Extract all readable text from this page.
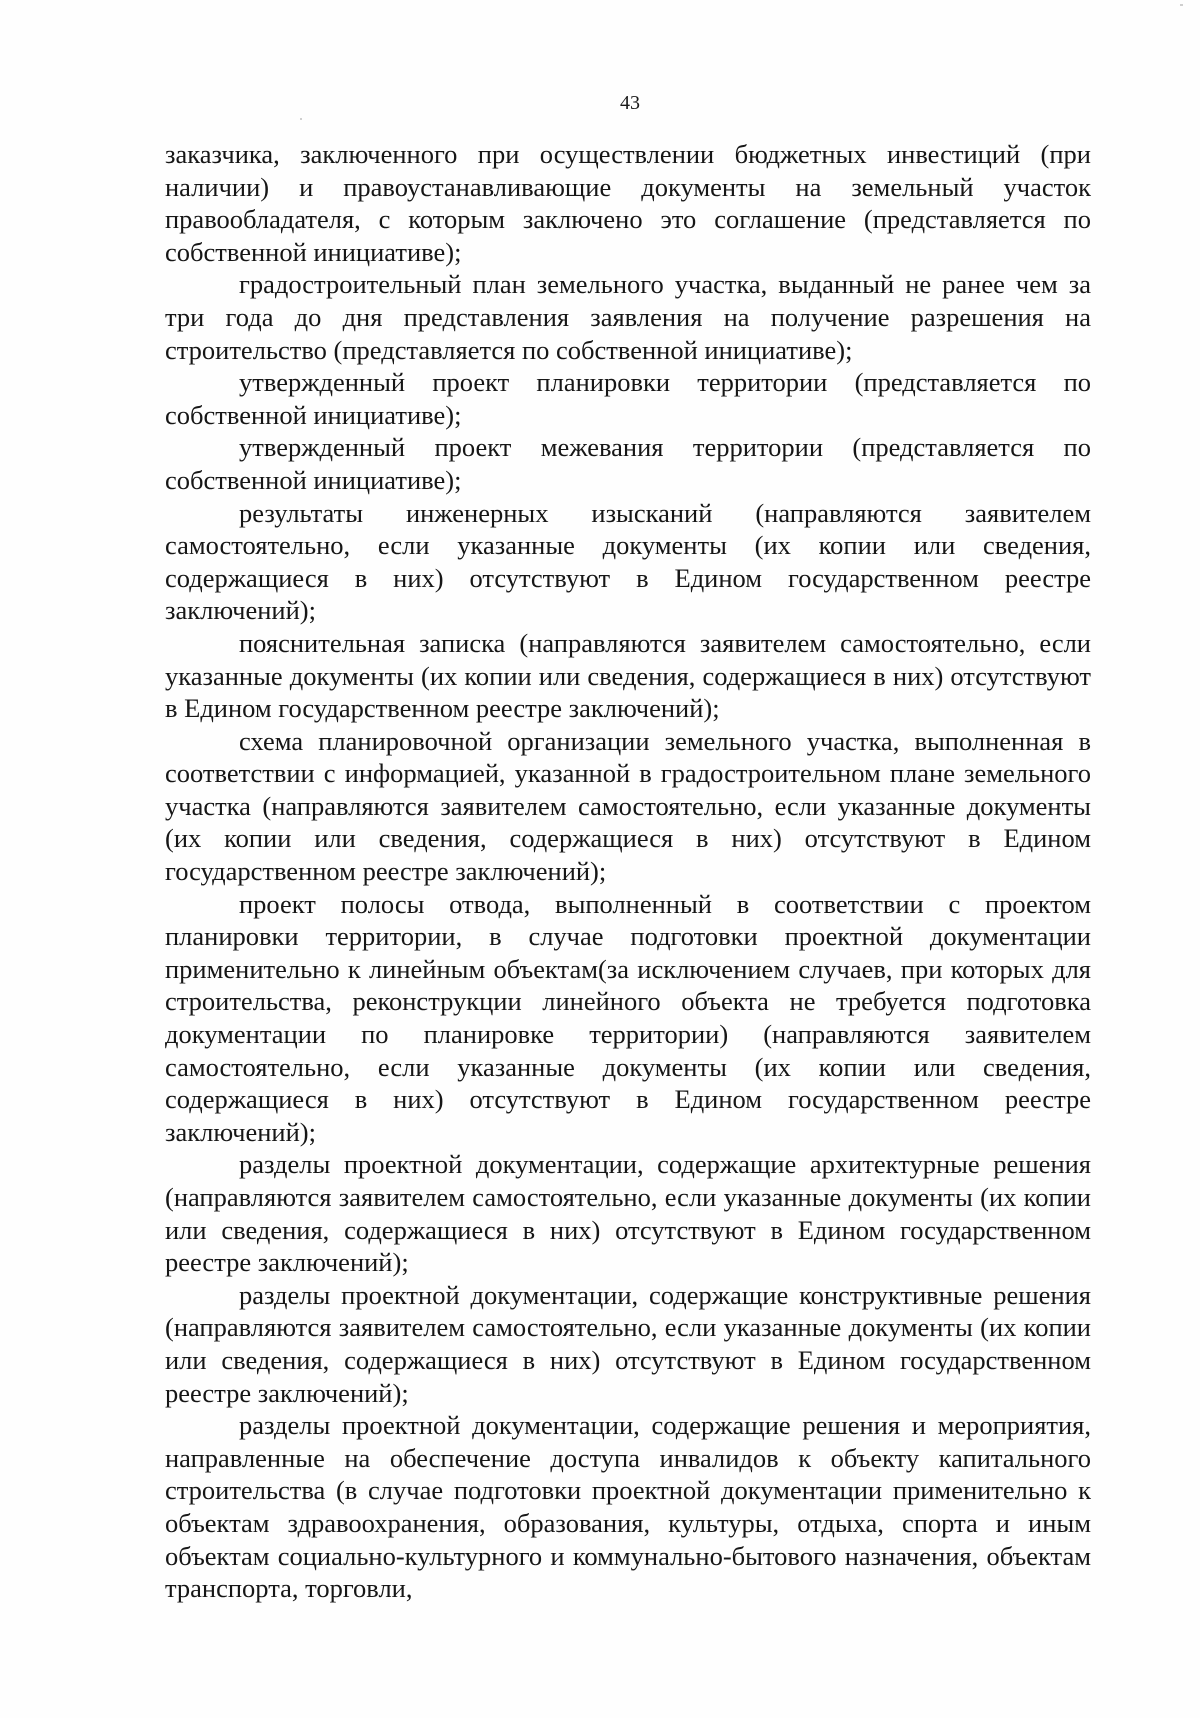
43

заказчика, заключенного при осуществлении бюджетных инвестиций (при наличии) и правоустанавливающие документы на земельный участок правообладателя, с которым заключено это соглашение (представляется по собственной инициативе);

градостроительный план земельного участка, выданный не ранее чем за три года до дня представления заявления на получение разрешения на строительство (представляется по собственной инициативе);

утвержденный проект планировки территории (представляется по собственной инициативе);

утвержденный проект межевания территории (представляется по собственной инициативе);

результаты инженерных изысканий (направляются заявителем самостоятельно, если указанные документы (их копии или сведения, содержащиеся в них) отсутствуют в Едином государственном реестре заключений);

пояснительная записка (направляются заявителем самостоятельно, если указанные документы (их копии или сведения, содержащиеся в них) отсутствуют в Едином государственном реестре заключений);

схема планировочной организации земельного участка, выполненная в соответствии с информацией, указанной в градостроительном плане земельного участка (направляются заявителем самостоятельно, если указанные документы (их копии или сведения, содержащиеся в них) отсутствуют в Едином государственном реестре заключений);

проект полосы отвода, выполненный в соответствии с проектом планировки территории, в случае подготовки проектной документации применительно к линейным объектам(за исключением случаев, при которых для строительства, реконструкции линейного объекта не требуется подготовка документации по планировке территории) (направляются заявителем самостоятельно, если указанные документы (их копии или сведения, содержащиеся в них) отсутствуют в Едином государственном реестре заключений);

разделы проектной документации, содержащие архитектурные решения (направляются заявителем самостоятельно, если указанные документы (их копии или сведения, содержащиеся в них) отсутствуют в Едином государственном реестре заключений);

разделы проектной документации, содержащие конструктивные решения (направляются заявителем самостоятельно, если указанные документы (их копии или сведения, содержащиеся в них) отсутствуют в Едином государственном реестре заключений);

разделы проектной документации, содержащие решения и мероприятия, направленные на обеспечение доступа инвалидов к объекту капитального строительства (в случае подготовки проектной документации применительно к объектам здравоохранения, образования, культуры, отдыха, спорта и иным объектам социально-культурного и коммунально-бытового назначения, объектам транспорта, торговли,
